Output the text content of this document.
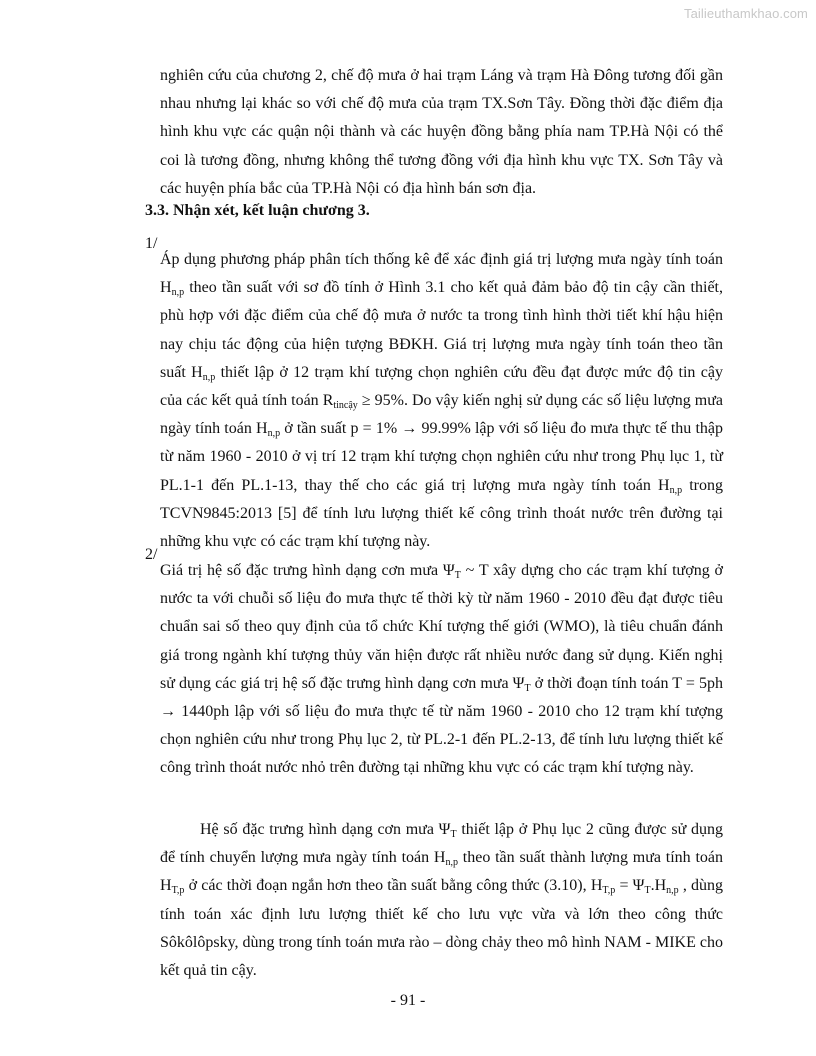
Tailieuthamkhao.com

nghiên cứu của chương 2, chế độ mưa ở hai trạm Láng và trạm Hà Đông tương đối gần nhau nhưng lại khác so với chế độ mưa của trạm TX.Sơn Tây. Đồng thời đặc điểm địa hình khu vực các quận nội thành và các huyện đồng bằng phía nam TP.Hà Nội có thể coi là tương đồng, nhưng không thể tương đồng với địa hình khu vực TX. Sơn Tây và các huyện phía bắc của TP.Hà Nội có địa hình bán sơn địa.

3.3. Nhận xét, kết luận chương 3.
1/

Áp dụng phương pháp phân tích thống kê để xác định giá trị lượng mưa ngày tính toán $H_{n,p}$ theo tần suất với sơ đồ tính ở Hình 3.1 cho kết quả đảm bảo độ tin cậy cần thiết, phù hợp với đặc điểm của chế độ mưa ở nước ta trong tình hình thời tiết khí hậu hiện nay chịu tác động của hiện tượng BĐKH. Giá trị lượng mưa ngày tính toán theo tần suất $H_{n,p}$ thiết lập ở 12 trạm khí tượng chọn nghiên cứu đều đạt được mức độ tin cậy của các kết quả tính toán $R_{tincậy} \ge 95\%$. Do vậy kiến nghị sử dụng các số liệu lượng mưa ngày tính toán $H_{n,p}$ ở tần suất p = 1% → 99.99% lập với số liệu đo mưa thực tế thu thập từ năm 1960 - 2010 ở vị trí 12 trạm khí tượng chọn nghiên cứu như trong Phụ lục 1, từ PL.1-1 đến PL.1-13, thay thế cho các giá trị lượng mưa ngày tính toán $H_{n,p}$ trong TCVN9845:2013 [5] để tính lưu lượng thiết kế công trình thoát nước trên đường tại những khu vực có các trạm khí tượng này.

2/

Giá trị hệ số đặc trưng hình dạng cơn mưa $\Psi_T$ ~ T xây dựng cho các trạm khí tượng ở nước ta với chuỗi số liệu đo mưa thực tế thời kỳ từ năm 1960 - 2010 đều đạt được tiêu chuẩn sai số theo quy định của tổ chức Khí tượng thế giới (WMO), là tiêu chuẩn đánh giá trong ngành khí tượng thủy văn hiện được rất nhiều nước đang sử dụng. Kiến nghị sử dụng các giá trị hệ số đặc trưng hình dạng cơn mưa $\Psi_T$ ở thời đoạn tính toán T = 5ph → 1440ph lập với số liệu đo mưa thực tế từ năm 1960 - 2010 cho 12 trạm khí tượng chọn nghiên cứu như trong Phụ lục 2, từ PL.2-1 đến PL.2-13, để tính lưu lượng thiết kế công trình thoát nước nhỏ trên đường tại những khu vực có các trạm khí tượng này.

Hệ số đặc trưng hình dạng cơn mưa $\Psi_T$ thiết lập ở Phụ lục 2 cũng được sử dụng để tính chuyển lượng mưa ngày tính toán $H_{n,p}$ theo tần suất thành lượng mưa tính toán $H_{T,p}$ ở các thời đoạn ngắn hơn theo tần suất bằng công thức (3.10), $H_{T,p} = \Psi_T.H_{n,p}$ , dùng tính toán xác định lưu lượng thiết kế cho lưu vực vừa và lớn theo công thức Sôkôlôpsky, dùng trong tính toán mưa rào – dòng chảy theo mô hình NAM - MIKE cho kết quả tin cậy.

- 91 -
